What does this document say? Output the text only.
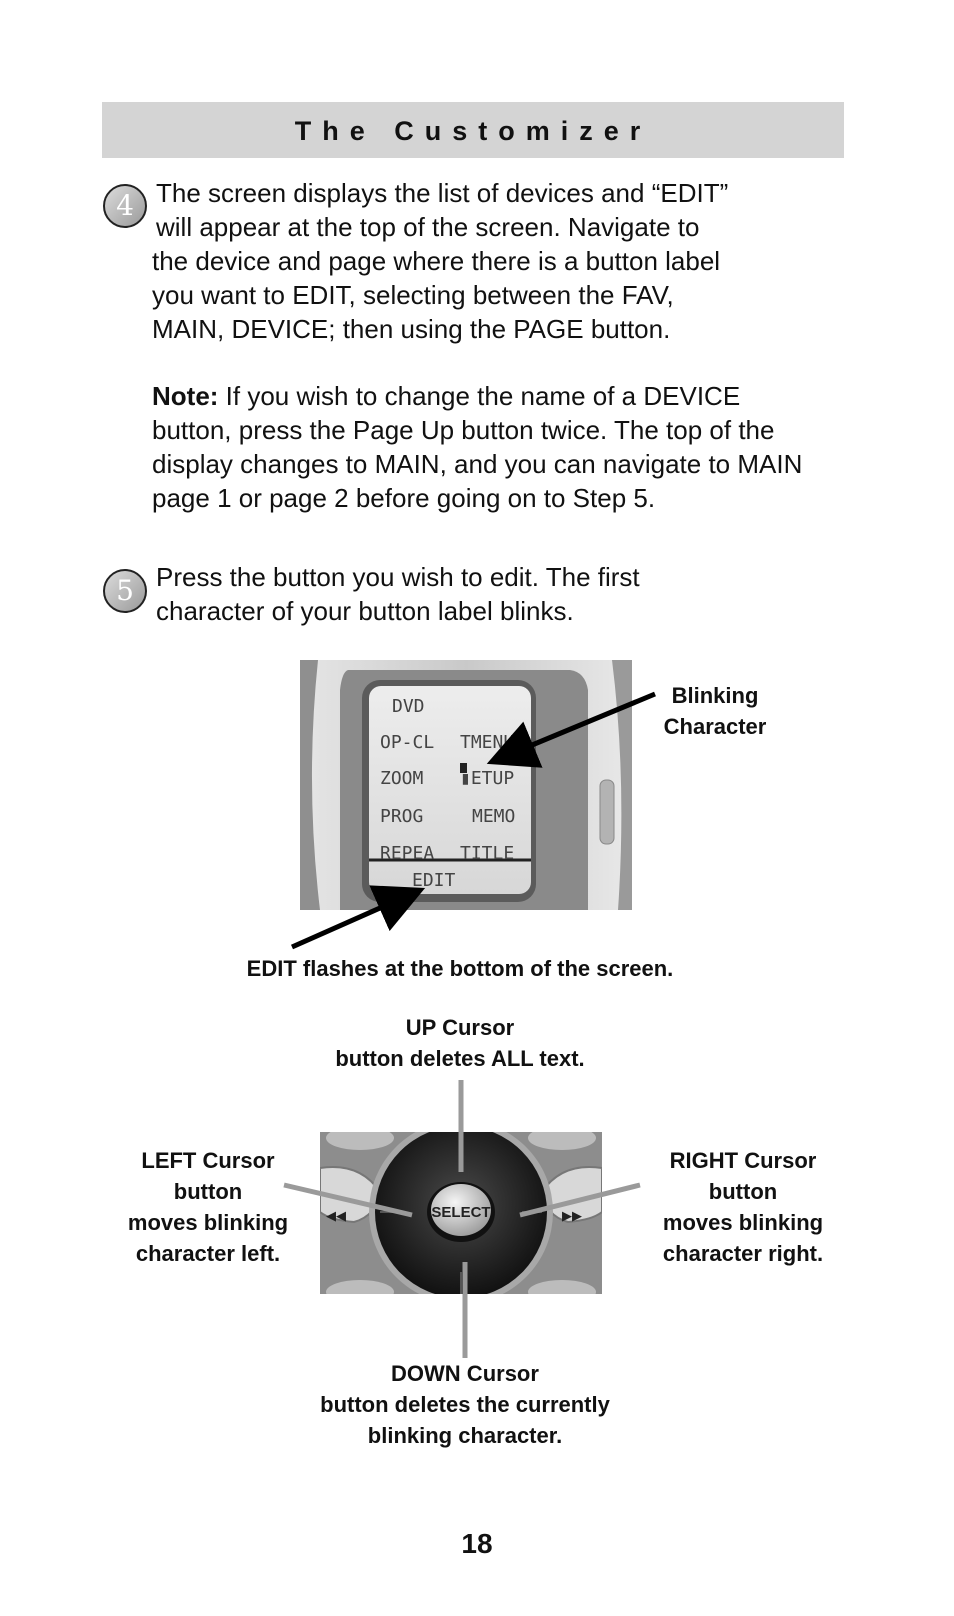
The Customizer
4 The screen displays the list of devices and “EDIT”
will appear at the top of the screen. Navigate to
the device and page where there is a button label
you want to EDIT, selecting between the FAV,
MAIN, DEVICE; then using the PAGE button.

Note: If you wish to change the name of a DEVICE
button, press the Page Up button twice. The top of the
display changes to MAIN, and you can navigate to MAIN
page 1 or page 2 before going on to Step 5.

5 Press the button you wish to edit. The first
character of your button label blinks.

DVD
OP-CL TMENU
ZOOM ▮ETUP
PROG	MEMO
REPEA TITLE
EDIT
◀◀	▶▶
SELECT

Blinking
Character

EDIT flashes at the bottom of the screen.

UP Cursor
button deletes ALL text.

LEFT Cursor
button
moves blinking
character left.

RIGHT Cursor
button
moves blinking
character right.

DOWN Cursor
button deletes the currently
blinking character.

18
